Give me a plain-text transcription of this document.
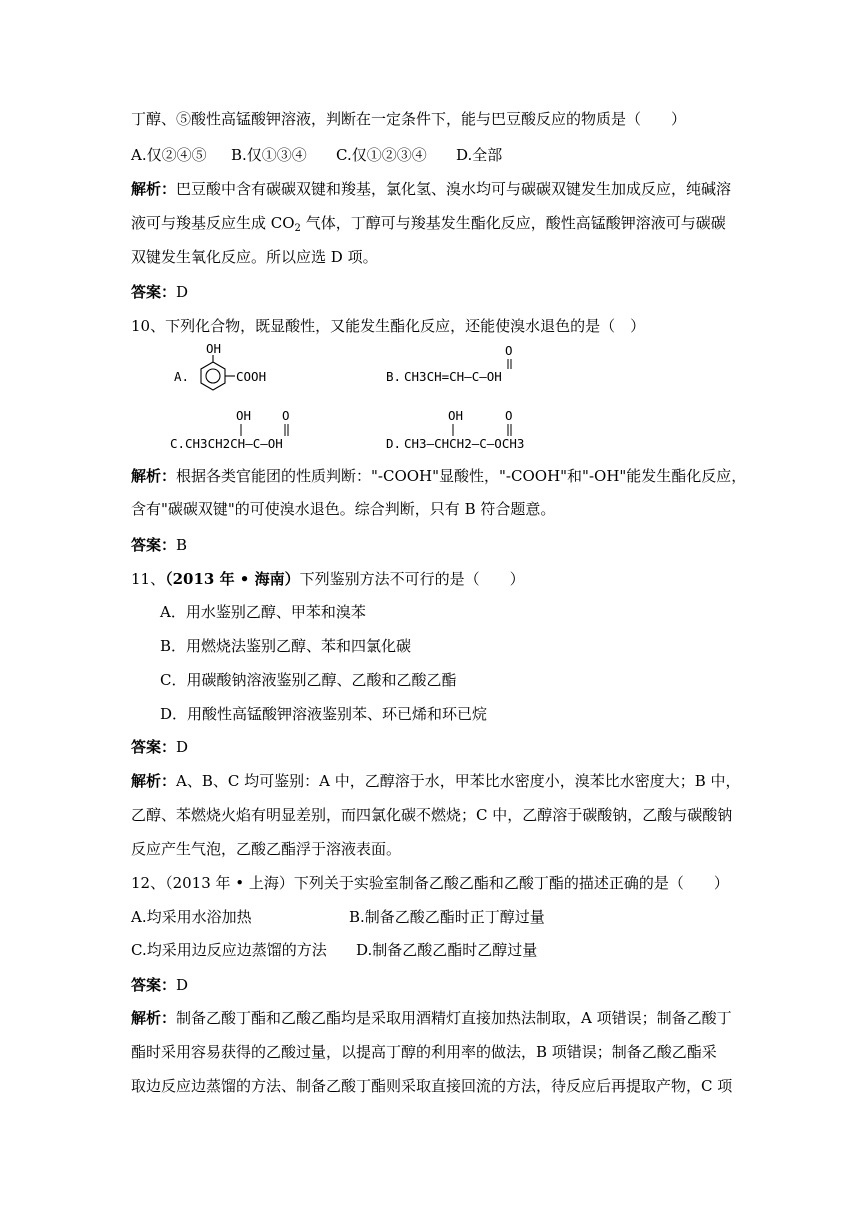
丁醇、⑤酸性高锰酸钾溶液，判断在一定条件下，能与巴豆酸反应的物质是（　　）
A.仅②④⑤ B.仅①③④ C.仅①②③④ D.全部
解析：巴豆酸中含有碳碳双键和羧基，氯化氢、溴水均可与碳碳双键发生加成反应，纯碱溶
液可与羧基反应生成 $CO_2$ 气体，丁醇可与羧基发生酯化反应，酸性高锰酸钾溶液可与碳碳
双键发生氧化反应。所以应选 D 项。
答案：D
10、下列化合物，既显酸性，又能发生酯化反应，还能使溴水退色的是（　）
A.
OH
COOH	B.
O
CH3CH=CH—C—OH
C.
OH O
CH3CH2CH—C—OH	D.
OH	O
CH3—CHCH2—C—OCH3
解析：根据各类官能团的性质判断："-COOH"显酸性，"-COOH"和"-OH"能发生酯化反应，
含有"碳碳双键"的可使溴水退色。综合判断，只有 B 符合题意。
答案：B
11、（2013 年 • 海南）下列鉴别方法不可行的是（　　）
A．用水鉴别乙醇、甲苯和溴苯
B．用燃烧法鉴别乙醇、苯和四氯化碳
C．用碳酸钠溶液鉴别乙醇、乙酸和乙酸乙酯
D．用酸性高锰酸钾溶液鉴别苯、环已烯和环已烷
答案：D
解析：A、B、C 均可鉴别：A 中，乙醇溶于水，甲苯比水密度小，溴苯比水密度大；B 中，
乙醇、苯燃烧火焰有明显差别，而四氯化碳不燃烧；C 中，乙醇溶于碳酸钠，乙酸与碳酸钠
反应产生气泡，乙酸乙酯浮于溶液表面。
12、（2013 年 • 上海）下列关于实验室制备乙酸乙酯和乙酸丁酯的描述正确的是（　　）
A.均采用水浴加热	B.制备乙酸乙酯时正丁醇过量
C.均采用边反应边蒸馏的方法 D.制备乙酸乙酯时乙醇过量
答案：D
解析：制备乙酸丁酯和乙酸乙酯均是采取用酒精灯直接加热法制取，A 项错误；制备乙酸丁
酯时采用容易获得的乙酸过量，以提高丁醇的利用率的做法，B 项错误；制备乙酸乙酯采
取边反应边蒸馏的方法、制备乙酸丁酯则采取直接回流的方法，待反应后再提取产物，C 项
